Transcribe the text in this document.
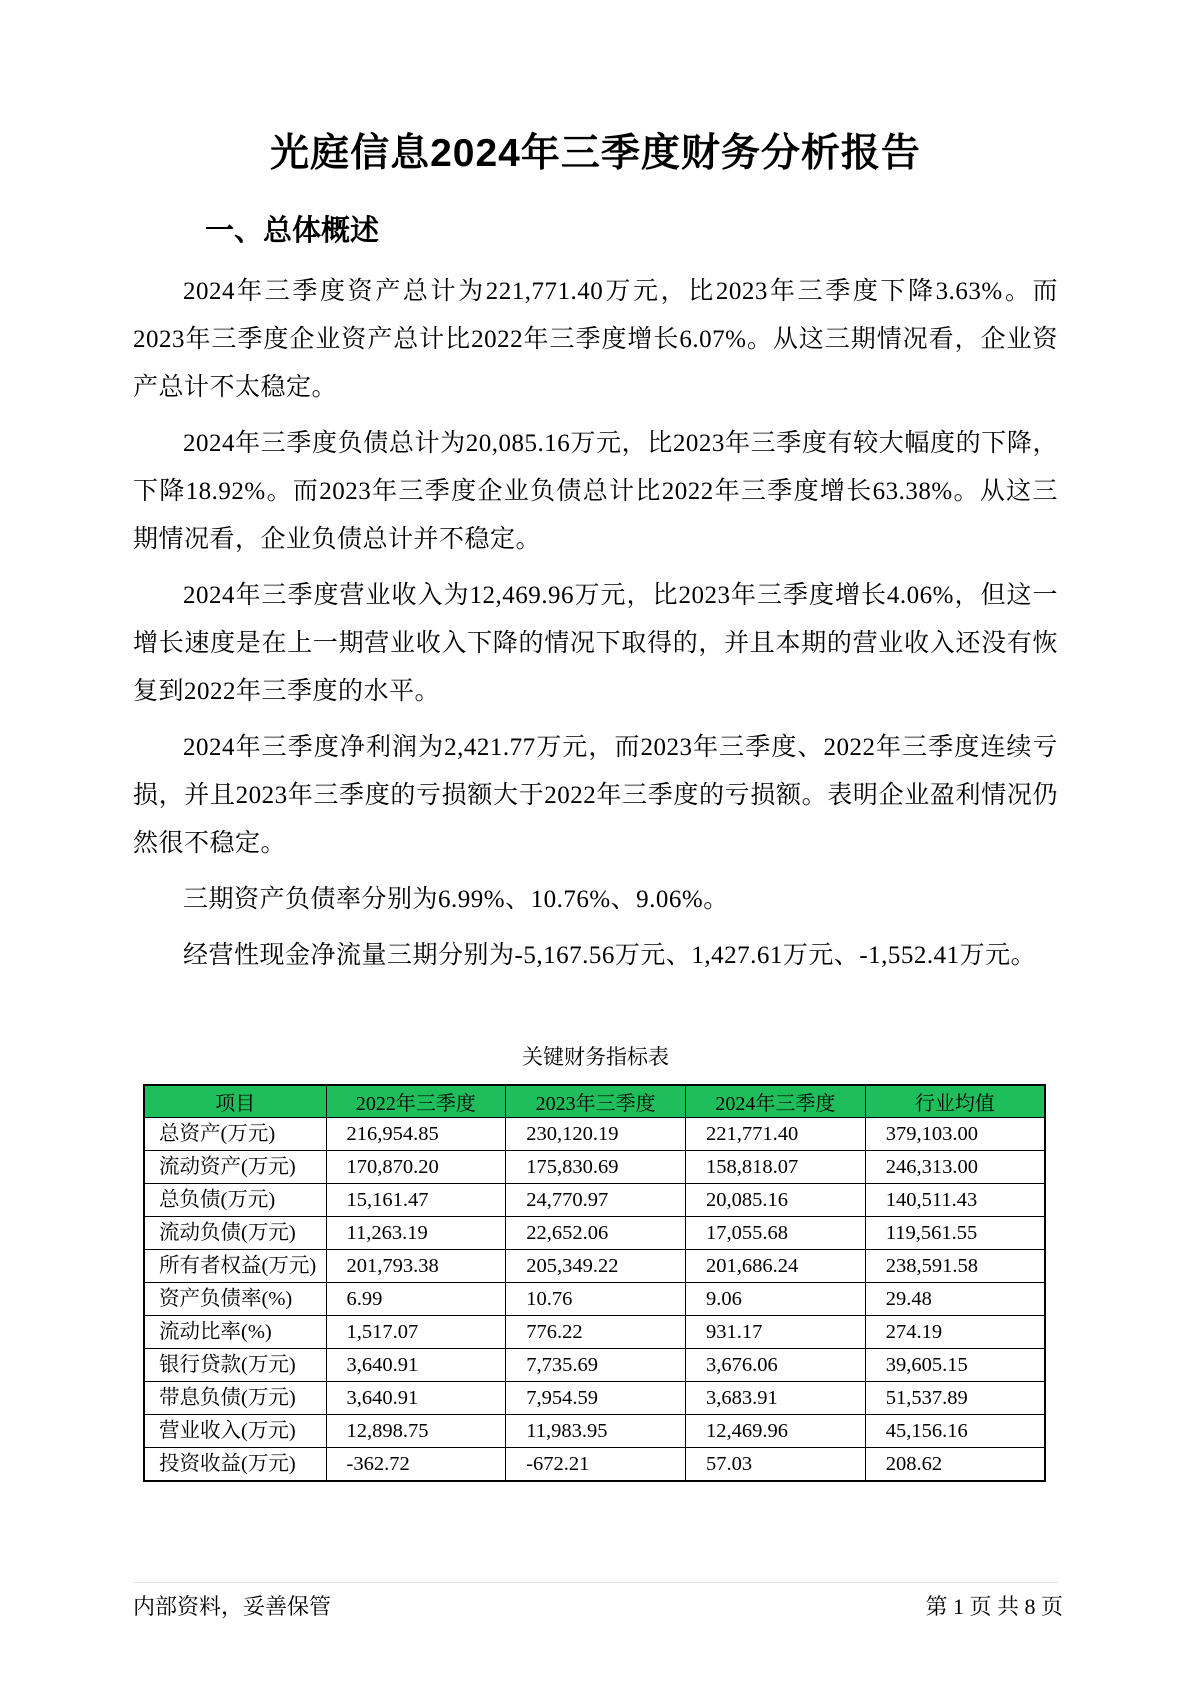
光庭信息2024年三季度财务分析报告
一、总体概述

2024年三季度资产总计为221,771.40万元，比2023年三季度下降3.63%。而2023年三季度企业资产总计比2022年三季度增长6.07%。从这三期情况看，企业资产总计不太稳定。

2024年三季度负债总计为20,085.16万元，比2023年三季度有较大幅度的下降，下降18.92%。而2023年三季度企业负债总计比2022年三季度增长63.38%。从这三期情况看，企业负债总计并不稳定。

2024年三季度营业收入为12,469.96万元，比2023年三季度增长4.06%，但这一增长速度是在上一期营业收入下降的情况下取得的，并且本期的营业收入还没有恢复到2022年三季度的水平。

2024年三季度净利润为2,421.77万元，而2023年三季度、2022年三季度连续亏损，并且2023年三季度的亏损额大于2022年三季度的亏损额。表明企业盈利情况仍然很不稳定。

三期资产负债率分别为6.99%、10.76%、9.06%。

经营性现金净流量三期分别为-5,167.56万元、1,427.61万元、-1,552.41万元。

关键财务指标表
项目	2022年三季度	2023年三季度	2024年三季度	行业均值
总资产(万元)	216,954.85	230,120.19	221,771.40	379,103.00
流动资产(万元)	170,870.20	175,830.69	158,818.07	246,313.00
总负债(万元)	15,161.47	24,770.97	20,085.16	140,511.43
流动负债(万元)	11,263.19	22,652.06	17,055.68	119,561.55
所有者权益(万元)	201,793.38	205,349.22	201,686.24	238,591.58
资产负债率(%)	6.99	10.76	9.06	29.48
流动比率(%)	1,517.07	776.22	931.17	274.19
银行贷款(万元)	3,640.91	7,735.69	3,676.06	39,605.15
带息负债(万元)	3,640.91	7,954.59	3,683.91	51,537.89
营业收入(万元)	12,898.75	11,983.95	12,469.96	45,156.16
投资收益(万元)	-362.72	-672.21	57.03	208.62
内部资料，妥善保管	第 1 页 共 8 页
